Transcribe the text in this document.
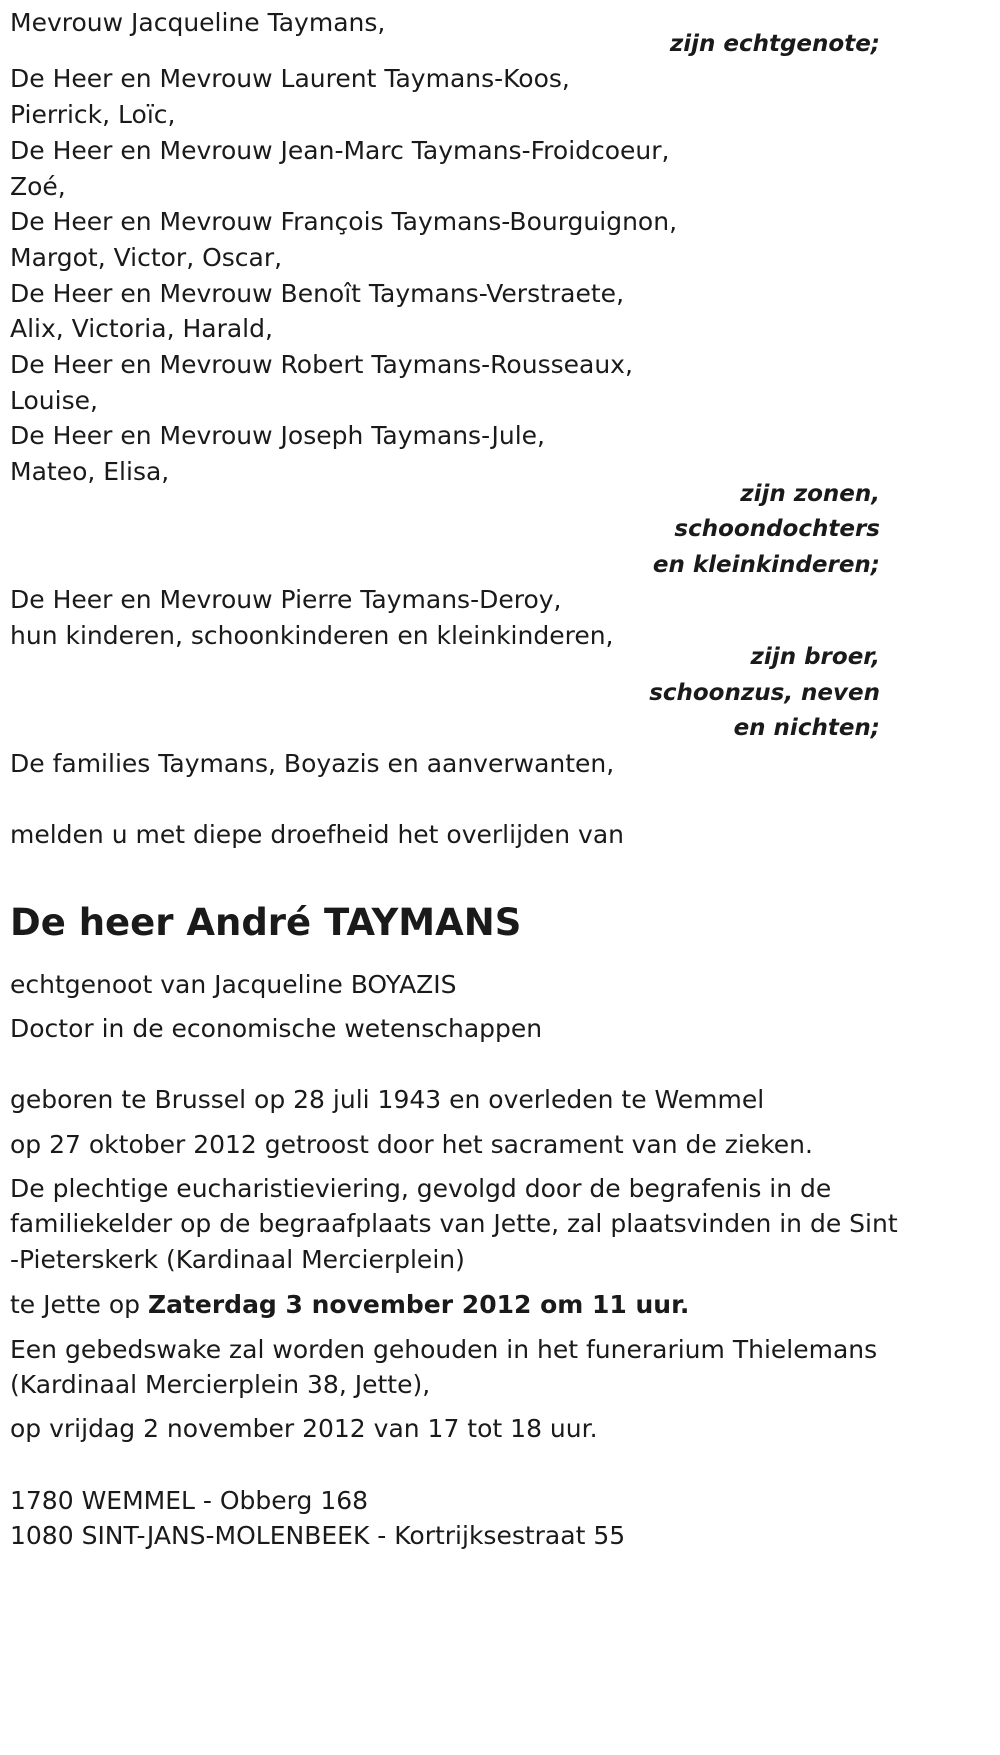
Mevrouw Jacqueline Taymans,
zijn echtgenote;
De Heer en Mevrouw Laurent Taymans-Koos,
Pierrick, Loïc,
De Heer en Mevrouw Jean-Marc Taymans-Froidcoeur,
Zoé,
De Heer en Mevrouw François Taymans-Bourguignon,
Margot, Victor, Oscar,
De Heer en Mevrouw Benoît Taymans-Verstraete,
Alix, Victoria, Harald,
De Heer en Mevrouw Robert Taymans-Rousseaux,
Louise,
De Heer en Mevrouw Joseph Taymans-Jule,
Mateo, Elisa,
zijn zonen,
schoondochters
en kleinkinderen;
De Heer en Mevrouw Pierre Taymans-Deroy,
hun kinderen, schoonkinderen en kleinkinderen,
zijn broer,
schoonzus, neven
en nichten;
De families Taymans, Boyazis en aanverwanten,
melden u met diepe droefheid het overlijden van
De heer André TAYMANS
echtgenoot van Jacqueline BOYAZIS
Doctor in de economische wetenschappen
geboren te Brussel op 28 juli 1943 en overleden te Wemmel
op 27 oktober 2012 getroost door het sacrament van de zieken.
De plechtige eucharistieviering, gevolgd door de begrafenis in de
familiekelder op de begraafplaats van Jette, zal plaatsvinden in de Sint
-Pieterskerk (Kardinaal Mercierplein)
te Jette op Zaterdag 3 november 2012 om 11 uur.
Een gebedswake zal worden gehouden in het funerarium Thielemans
(Kardinaal Mercierplein 38, Jette),
op vrijdag 2 november 2012 van 17 tot 18 uur.
1780 WEMMEL - Obberg 168
1080 SINT-JANS-MOLENBEEK - Kortrijksestraat 55
